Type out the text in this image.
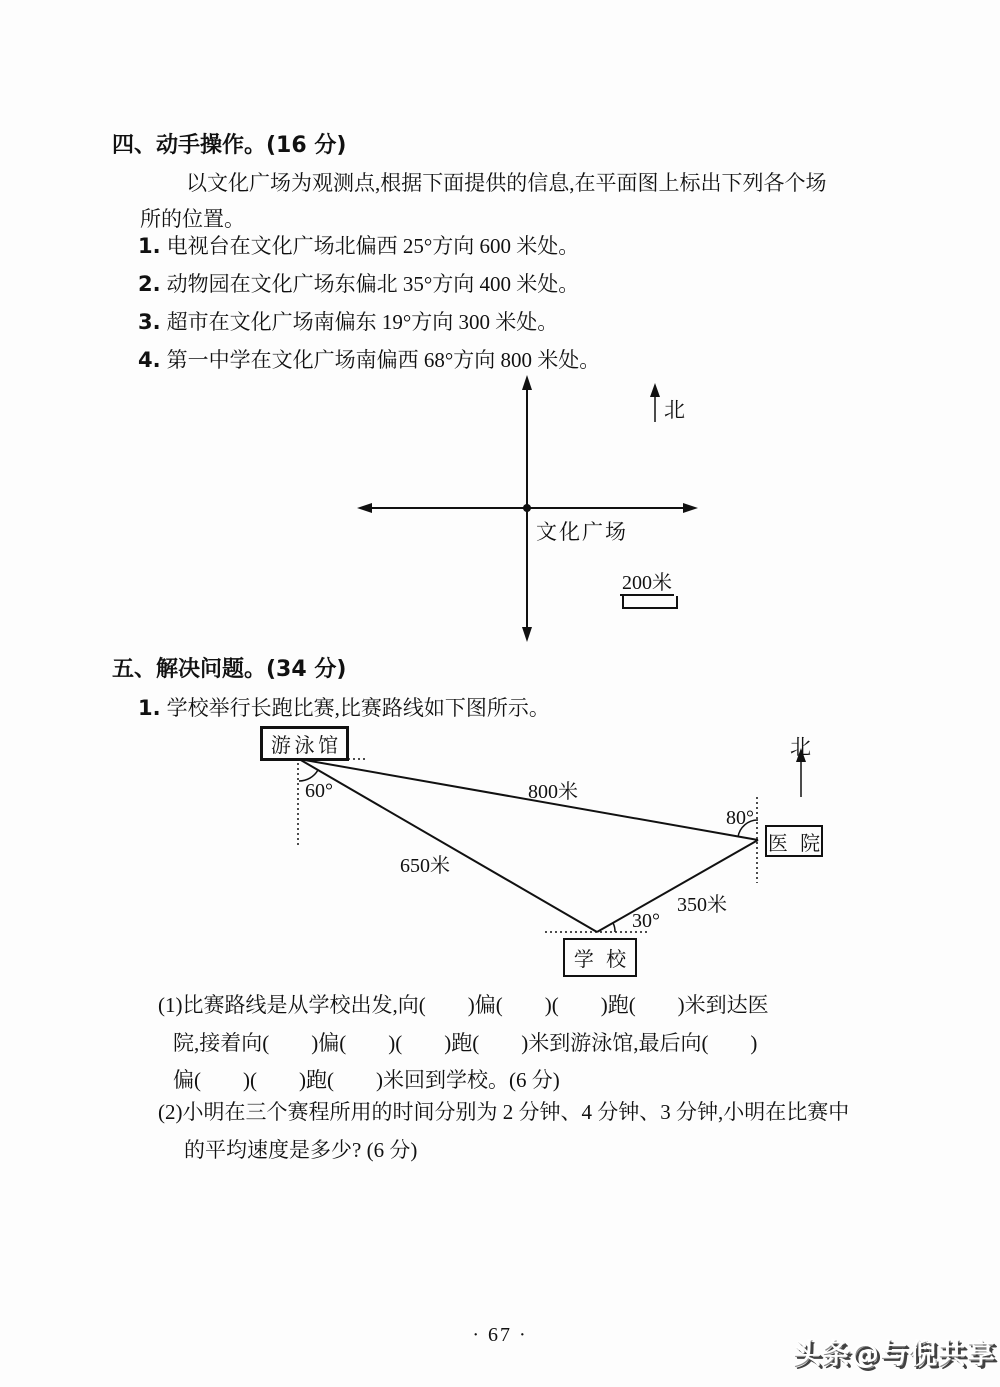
四、动手操作。(16 分)
以文化广场为观测点,根据下面提供的信息,在平面图上标出下列各个场
所的位置。
1. 电视台在文化广场北偏西 25°方向 600 米处。
2. 动物园在文化广场东偏北 35°方向 400 米处。
3. 超市在文化广场南偏东 19°方向 300 米处。
4. 第一中学在文化广场南偏西 68°方向 800 米处。
北
文化广场
200米
五、解决问题。(34 分)
1. 学校举行长跑比赛,比赛路线如下图所示。
游泳馆
医 院
学 校
北
800米
650米
350米
60°
80°
30°
(1)比赛路线是从学校出发,向(        )偏(        )(        )跑(        )米到达医
院,接着向(        )偏(        )(        )跑(        )米到游泳馆,最后向(        )
偏(        )(        )跑(        )米回到学校。(6 分)
(2)小明在三个赛程所用的时间分别为 2 分钟、4 分钟、3 分钟,小明在比赛中
的平均速度是多少? (6 分)
· 67 ·
头条@与倪共享
